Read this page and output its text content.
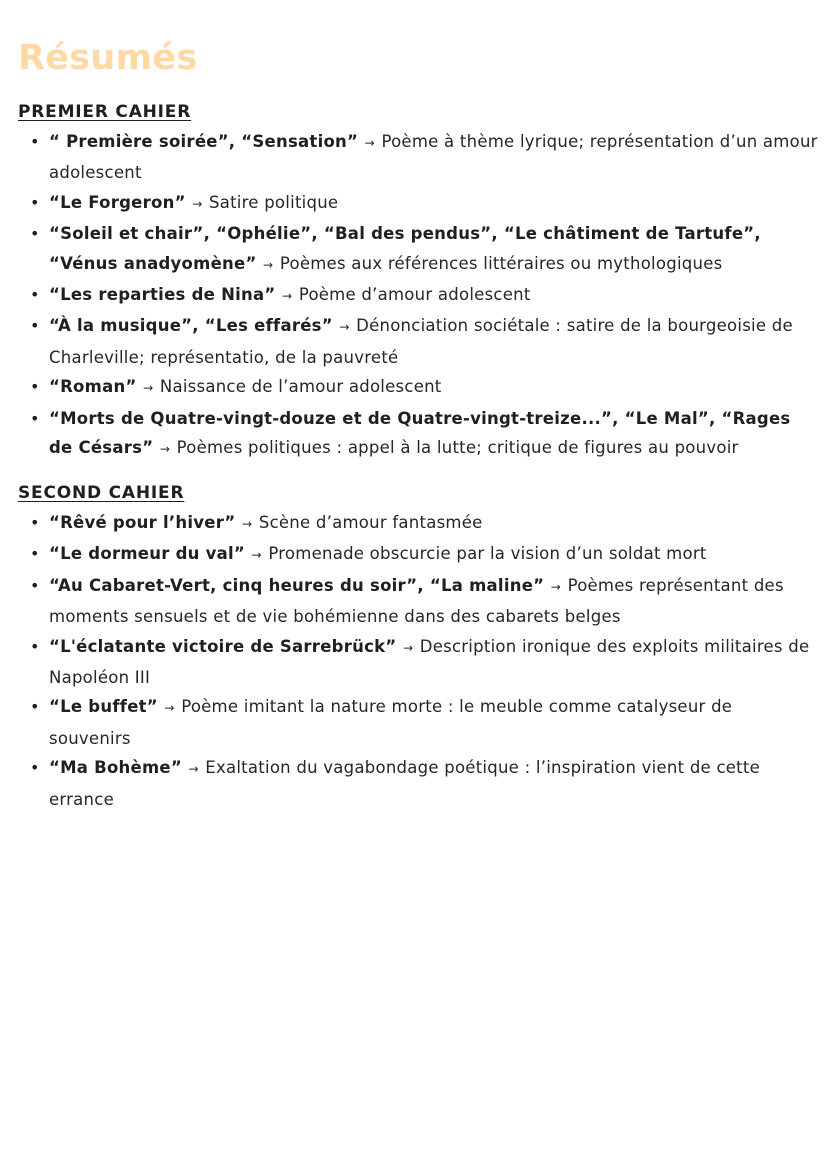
Résumés
PREMIER CAHIER
• “ Première soirée”, “Sensation” → Poème à thème lyrique; représentation d’un amour adolescent
• “Le Forgeron” → Satire politique
• “Soleil et chair”, “Ophélie”, “Bal des pendus”, “Le châtiment de Tartufe”, “Vénus anadyomène” → Poèmes aux références littéraires ou mythologiques
• “Les reparties de Nina” → Poème d’amour adolescent
• “À la musique”, “Les effarés” → Dénonciation sociétale : satire de la bourgeoisie de Charleville; représentatio, de la pauvreté
• “Roman” → Naissance de l’amour adolescent
• “Morts de Quatre-vingt-douze et de Quatre-vingt-treize...”, “Le Mal”, “Rages de Césars” → Poèmes politiques : appel à la lutte; critique de figures au pouvoir
SECOND CAHIER
• “Rêvé pour l’hiver” → Scène d’amour fantasmée
• “Le dormeur du val” → Promenade obscurcie par la vision d’un soldat mort
• “Au Cabaret-Vert, cinq heures du soir”, “La maline” → Poèmes représentant des moments sensuels et de vie bohémienne dans des cabarets belges
• “L'éclatante victoire de Sarrebrück” → Description ironique des exploits militaires de Napoléon III
• “Le buffet” → Poème imitant la nature morte : le meuble comme catalyseur de souvenirs
• “Ma Bohème” → Exaltation du vagabondage poétique : l’inspiration vient de cette errance
